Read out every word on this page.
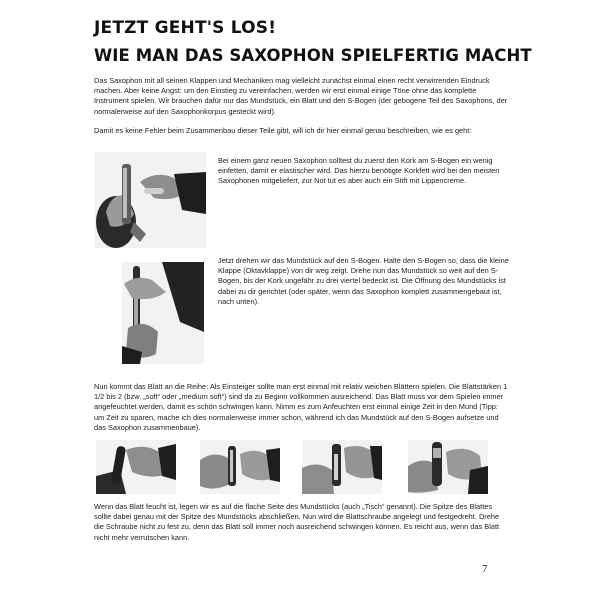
JETZT GEHT'S LOS!
WIE MAN DAS SAXOPHON SPIELFERTIG MACHT

Das Saxophon mit all seinen Klappen und Mechaniken mag vielleicht zunächst einmal einen recht verwirrenden Eindruck machen. Aber keine Angst: um den Einstieg zu vereinfachen, werden wir erst einmal einige Töne ohne das komplette Instrument spielen. Wir brauchen dafür nur das Mundstück, ein Blatt und den S-Bogen (der gebogene Teil des Saxophons, der normalerweise auf den Saxophonkorpus gesteckt wird).

Damit es keine Fehler beim Zusammenbau dieser Teile gibt, will ich dir hier einmal genau beschreiben, wie es geht:

Bei einem ganz neuen Saxophon solltest du zuerst den Kork am S-Bogen ein wenig einfetten, damit er elastischer wird. Das hierzu benötigte Korkfett wird bei den meisten Saxophonen mitgeliefert, zur Not tut es aber auch ein Stift mit Lippencreme.

Jetzt drehen wir das Mundstück auf den S-Bogen. Halte den S-Bogen so, dass die kleine Klappe (Oktavklappe) von dir weg zeigt. Drehe nun das Mundstück so weit auf den S-Bogen, bis der Kork ungefähr zu drei viertel bedeckt ist. Die Öffnung des Mundstücks ist dabei zu dir gerichtet (oder später, wenn das Saxophon komplett zusammengebaut ist, nach unten).

Nun kommt das Blatt an die Reihe: Als Einsteiger sollte man erst einmal mit relativ weichen Blättern spielen. Die Blattstärken 1 1/2 bis 2 (bzw. „soft“ oder „medium soft“) sind da zu Beginn vollkommen ausreichend. Das Blatt muss vor dem Spielen immer angefeuchtet werden, damit es schön schwingen kann. Nimm es zum Anfeuchten erst einmal einige Zeit in den Mund (Tipp: um Zeit zu sparen, mache ich dies normalerweise immer schon, während ich das Mundstück auf den S-Bogen aufsetze und das Saxophon zusammenbaue).

Wenn das Blatt feucht ist, legen wir es auf die flache Seite des Mundstücks (auch „Tisch“ genannt). Die Spitze des Blattes sollte dabei genau mit der Spitze des Mundstücks abschließen. Nun wird die Blattschraube angelegt und festgedreht. Drehe die Schraube nicht zu fest zu, denn das Blatt soll immer noch ausreichend schwingen können. Es reicht aus, wenn das Blatt nicht mehr verrutschen kann.

7
